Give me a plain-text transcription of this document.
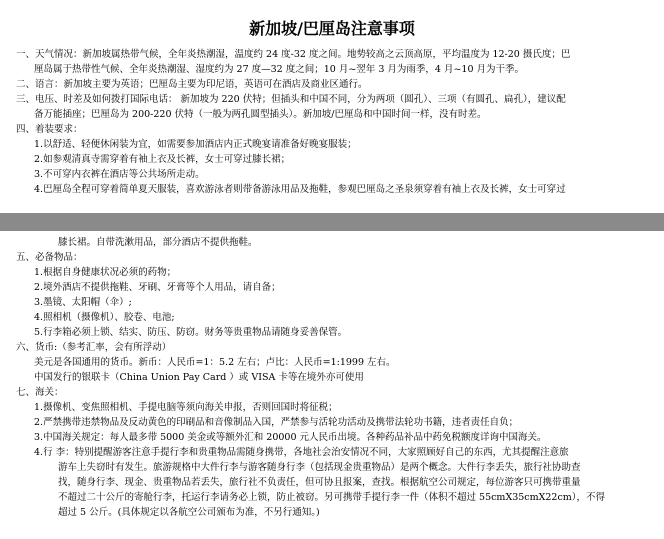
新加坡/巴厘岛注意事项
一、天气情况：新加坡属热带气候，全年炎热潮湿，温度约 24 度-32 度之间。地势较高之云顶高原，平均温度为 12-20 摄氏度；巴
厘岛属于热带性气候、全年炎热潮湿、湿度约为 27 度—32 度之间；10 月~翌年 3 月为雨季，4 月~10 月为干季。
二、语言：新加坡主要为英语；巴厘岛主要为印尼语，英语可在酒店及商业区通行。
三、电压、时差及如何拨打国际电话： 新加坡为 220 伏特；但插头和中国不同，分为两项（圆孔）、三项（有圆孔、扁孔），建议配
备万能插座；巴厘岛为 200-220 伏特（一般为两孔圆型插头）。新加坡/巴厘岛和中国时间一样，没有时差。
四、着装要求：
1.以舒适、轻便休闲装为宜，如需要参加酒店内正式晚宴请准备好晚宴服装；
2.如参观清真寺需穿着有袖上衣及长裤，女士可穿过膝长裙；
3.不可穿内衣裤在酒店等公共场所走动。
4.巴厘岛全程可穿着简单夏天服装，喜欢游泳者则带备游泳用品及拖鞋，参观巴厘岛之圣泉须穿着有袖上衣及长裤，女士可穿过
膝长裙。自带洗漱用品，部分酒店不提供拖鞋。
五、必备物品：
1.根据自身健康状况必须的药物；
2.境外酒店不提供拖鞋、牙刷、牙膏等个人用品，请自备；
3.墨镜、太阳帽（伞）;
4.照相机（摄像机）、胶卷、电池;
5.行李箱必须上锁、结实、防压、防窃。财务等贵重物品请随身妥善保管。
六、货币:（参考汇率，会有所浮动）
美元是各国通用的货币。新币：人民币=1：5.2 左右；卢比：人民币=1:1999 左右。
中国发行的银联卡（China Union Pay Card ）或 VISA 卡等在境外亦可使用
七、海关：
1.摄像机、变焦照相机、手提电脑等须向海关申报，否则回国时将征税；
2.严禁携带违禁物品及反动黄色的印刷品和音像制品入国，严禁参与活轮功活动及携带法轮功书籍，违者责任自负；
3.中国海关规定：每人最多带 5000 美金或等额外汇和 20000 元人民币出境。各种药品补品中药免税额度详询中国海关。
4.行 李：特别提醒游客注意手提行李和贵重物品需随身携带，各地社会治安情况不同，大家照顾好自己的东西，尤其提醒注意旅
游车上失窃时有发生。旅游规格中大件行李与游客随身行李（包括现金贵重物品）是两个概念。大件行李丢失，旅行社协助查
找，随身行李、现金、贵重物品若丢失，旅行社不负责任，但可协且报案，查找。根据航空公司规定，每位游客只可携带重量
不超过二十公斤的寄舱行李，托运行李请务必上锁，防止被窃。另可携带手提行李一件（体积不超过 55cmX35cmX22cm），不得
超过 5 公斤。(具体规定以各航空公司颁布为准，不另行通知。)
